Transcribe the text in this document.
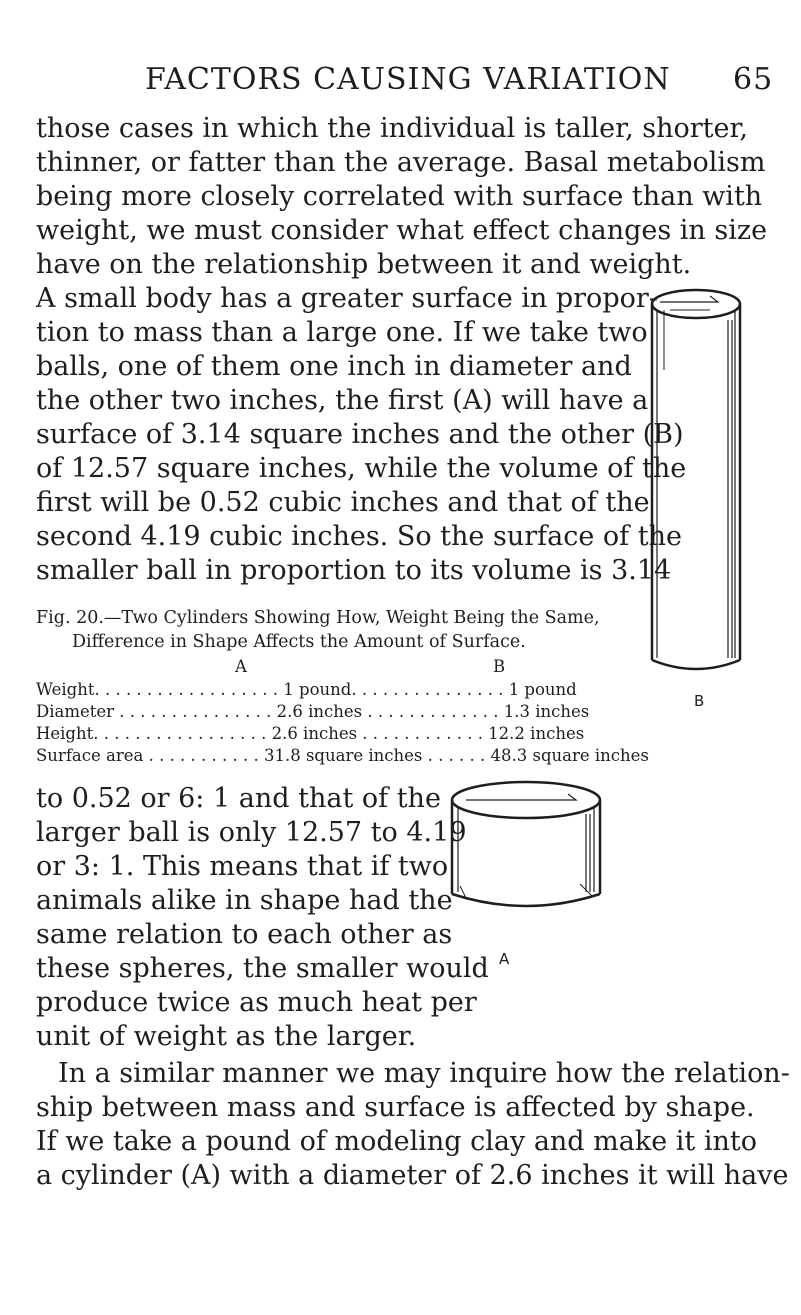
FACTORS CAUSING VARIATION 65
those cases in which the individual is taller, shorter,
thinner, or fatter than the average. Basal metabolism
being more closely correlated with surface than with
weight, we must consider what effect changes in size
have on the relationship between it and weight.
A small body has a greater surface in propor-
tion to mass than a large one. If we take two
balls, one of them one inch in diameter and
the other two inches, the first (A) will have a
surface of 3.14 square inches and the other (B)
of 12.57 square inches, while the volume of the
first will be 0.52 cubic inches and that of the
second 4.19 cubic inches. So the surface of the
smaller ball in proportion to its volume is 3.14
Fig. 20.—Two Cylinders Showing How, Weight Being the Same,
Difference in Shape Affects the Amount of Surface.
A	B
Weight. . . . . . . . . . . . . . . . . . 1 pound. . . . . . . . . . . . . . . 1 pound
Diameter . . . . . . . . . . . . . . . 2.6 inches . . . . . . . . . . . . . 1.3 inches
Height. . . . . . . . . . . . . . . . . 2.6 inches . . . . . . . . . . . . 12.2 inches
Surface area . . . . . . . . . . . 31.8 square inches . . . . . . 48.3 square inches
B
A
to 0.52 or 6: 1 and that of the
larger ball is only 12.57 to 4.19
or 3: 1. This means that if two
animals alike in shape had the
same relation to each other as
these spheres, the smaller would
produce twice as much heat per
unit of weight as the larger.
In a similar manner we may inquire how the relation-
ship between mass and surface is affected by shape.
If we take a pound of modeling clay and make it into
a cylinder (A) with a diameter of 2.6 inches it will have
